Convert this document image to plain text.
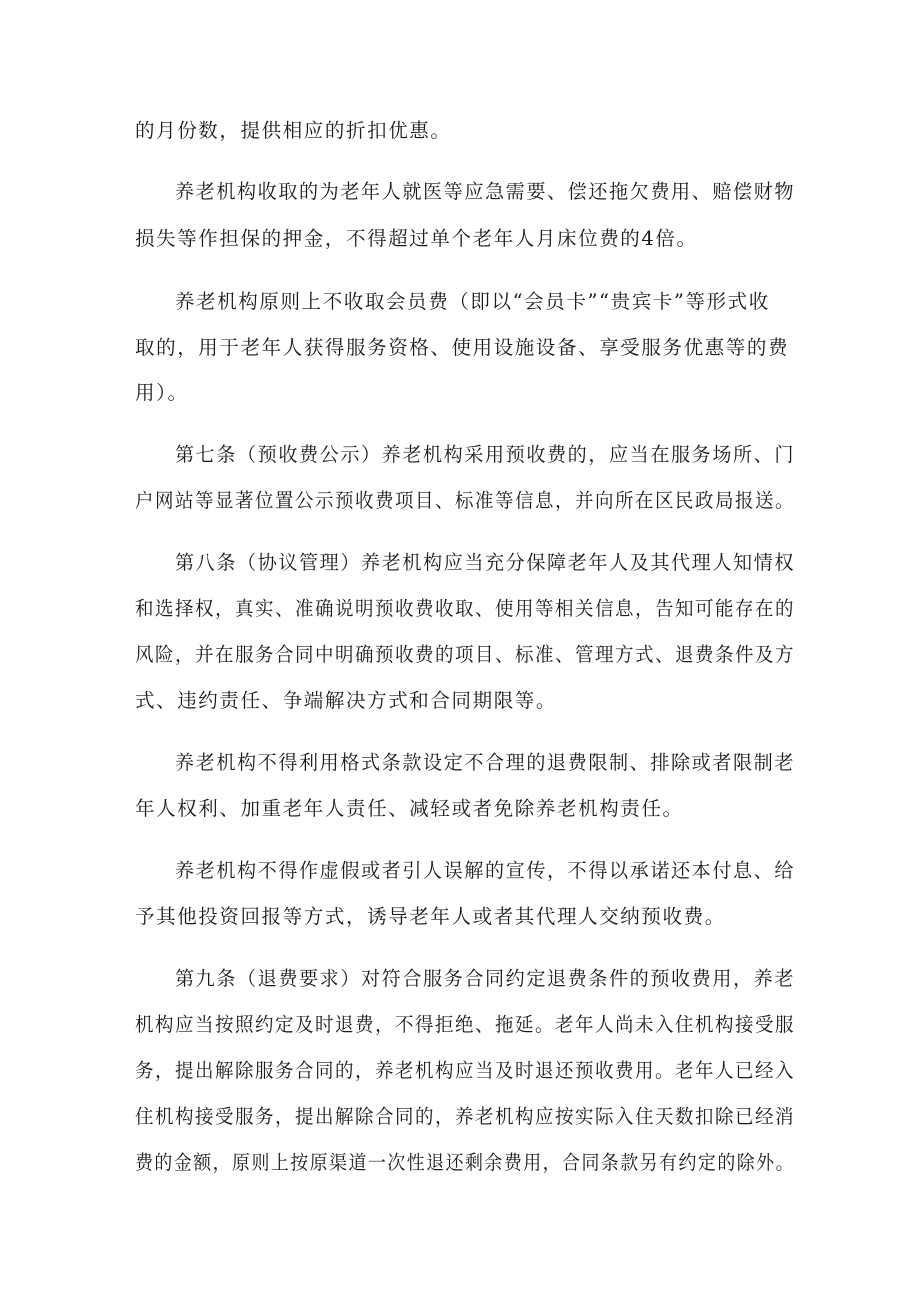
的月份数，提供相应的折扣优惠。
养老机构收取的为老年人就医等应急需要、偿还拖欠费用、赔偿财物
损失等作担保的押金，不得超过单个老年人月床位费的4倍。
养老机构原则上不收取会员费（即以“会员卡”“贵宾卡”等形式收
取的，用于老年人获得服务资格、使用设施设备、享受服务优惠等的费
用）。
第七条（预收费公示）养老机构采用预收费的，应当在服务场所、门
户网站等显著位置公示预收费项目、标准等信息，并向所在区民政局报送。
第八条（协议管理）养老机构应当充分保障老年人及其代理人知情权
和选择权，真实、准确说明预收费收取、使用等相关信息，告知可能存在的
风险，并在服务合同中明确预收费的项目、标准、管理方式、退费条件及方
式、违约责任、争端解决方式和合同期限等。
养老机构不得利用格式条款设定不合理的退费限制、排除或者限制老
年人权利、加重老年人责任、减轻或者免除养老机构责任。
养老机构不得作虚假或者引人误解的宣传，不得以承诺还本付息、给
予其他投资回报等方式，诱导老年人或者其代理人交纳预收费。
第九条（退费要求）对符合服务合同约定退费条件的预收费用，养老
机构应当按照约定及时退费，不得拒绝、拖延。老年人尚未入住机构接受服
务，提出解除服务合同的，养老机构应当及时退还预收费用。老年人已经入
住机构接受服务，提出解除合同的，养老机构应按实际入住天数扣除已经消
费的金额，原则上按原渠道一次性退还剩余费用，合同条款另有约定的除外。
